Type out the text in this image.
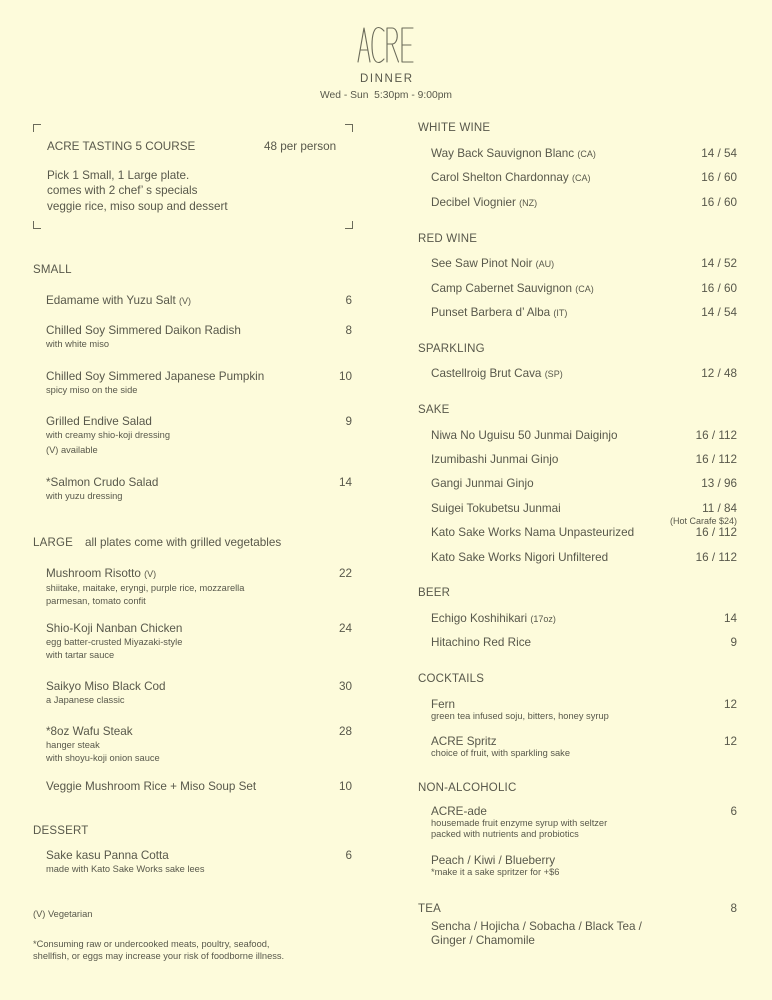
DINNER
Wed - Sun  5:30pm - 9:00pm
ACRE TASTING 5 COURSE	48 per person
Pick 1 Small, 1 Large plate.
comes with 2 chef’ s specials
veggie rice, miso soup and dessert
SMALL
Edamame with Yuzu Salt (V)	6
Chilled Soy Simmered Daikon Radish	8
with white miso
Chilled Soy Simmered Japanese Pumpkin	10
spicy miso on the side
Grilled Endive Salad	9
with creamy shio-koji dressing
(V) available
*Salmon Crudo Salad	14
with yuzu dressing
LARGE all plates come with grilled vegetables
Mushroom Risotto (V)	22
shiitake, maitake, eryngi, purple rice, mozzarella
parmesan, tomato confit
Shio-Koji Nanban Chicken	24
egg batter-crusted Miyazaki-style
with tartar sauce
Saikyo Miso Black Cod	30
a Japanese classic
*8oz Wafu Steak	28
hanger steak
with shoyu-koji onion sauce
Veggie Mushroom Rice + Miso Soup Set	10
DESSERT
Sake kasu Panna Cotta	6
made with Kato Sake Works sake lees
(V) Vegetarian
*Consuming raw or undercooked meats, poultry, seafood,
shellfish, or eggs may increase your risk of foodborne illness.
WHITE WINE
Way Back Sauvignon Blanc (CA)	14 / 54
Carol Shelton Chardonnay (CA)	16 / 60
Decibel Viognier (NZ)	16 / 60
RED WINE
See Saw Pinot Noir (AU)	14 / 52
Camp Cabernet Sauvignon (CA)	16 / 60
Punset Barbera d’ Alba (IT)	14 / 54
SPARKLING
Castellroig Brut Cava (SP)	12 / 48
SAKE
Niwa No Uguisu 50 Junmai Daiginjo	16 / 112
Izumibashi Junmai Ginjo	16 / 112
Gangi Junmai Ginjo	13 / 96
Suigei Tokubetsu Junmai	11 / 84
(Hot Carafe $24)
Kato Sake Works Nama Unpasteurized	16 / 112
Kato Sake Works Nigori Unfiltered	16 / 112
BEER
Echigo Koshihikari (17oz)	14
Hitachino Red Rice	9
COCKTAILS
Fern	12
green tea infused soju, bitters, honey syrup
ACRE Spritz	12
choice of fruit, with sparkling sake
NON-ALCOHOLIC
ACRE-ade	6
housemade fruit enzyme syrup with seltzer
packed with nutrients and probiotics
Peach / Kiwi / Blueberry
*make it a sake spritzer for +$6
TEA	8
Sencha / Hojicha / Sobacha / Black Tea /
Ginger / Chamomile
